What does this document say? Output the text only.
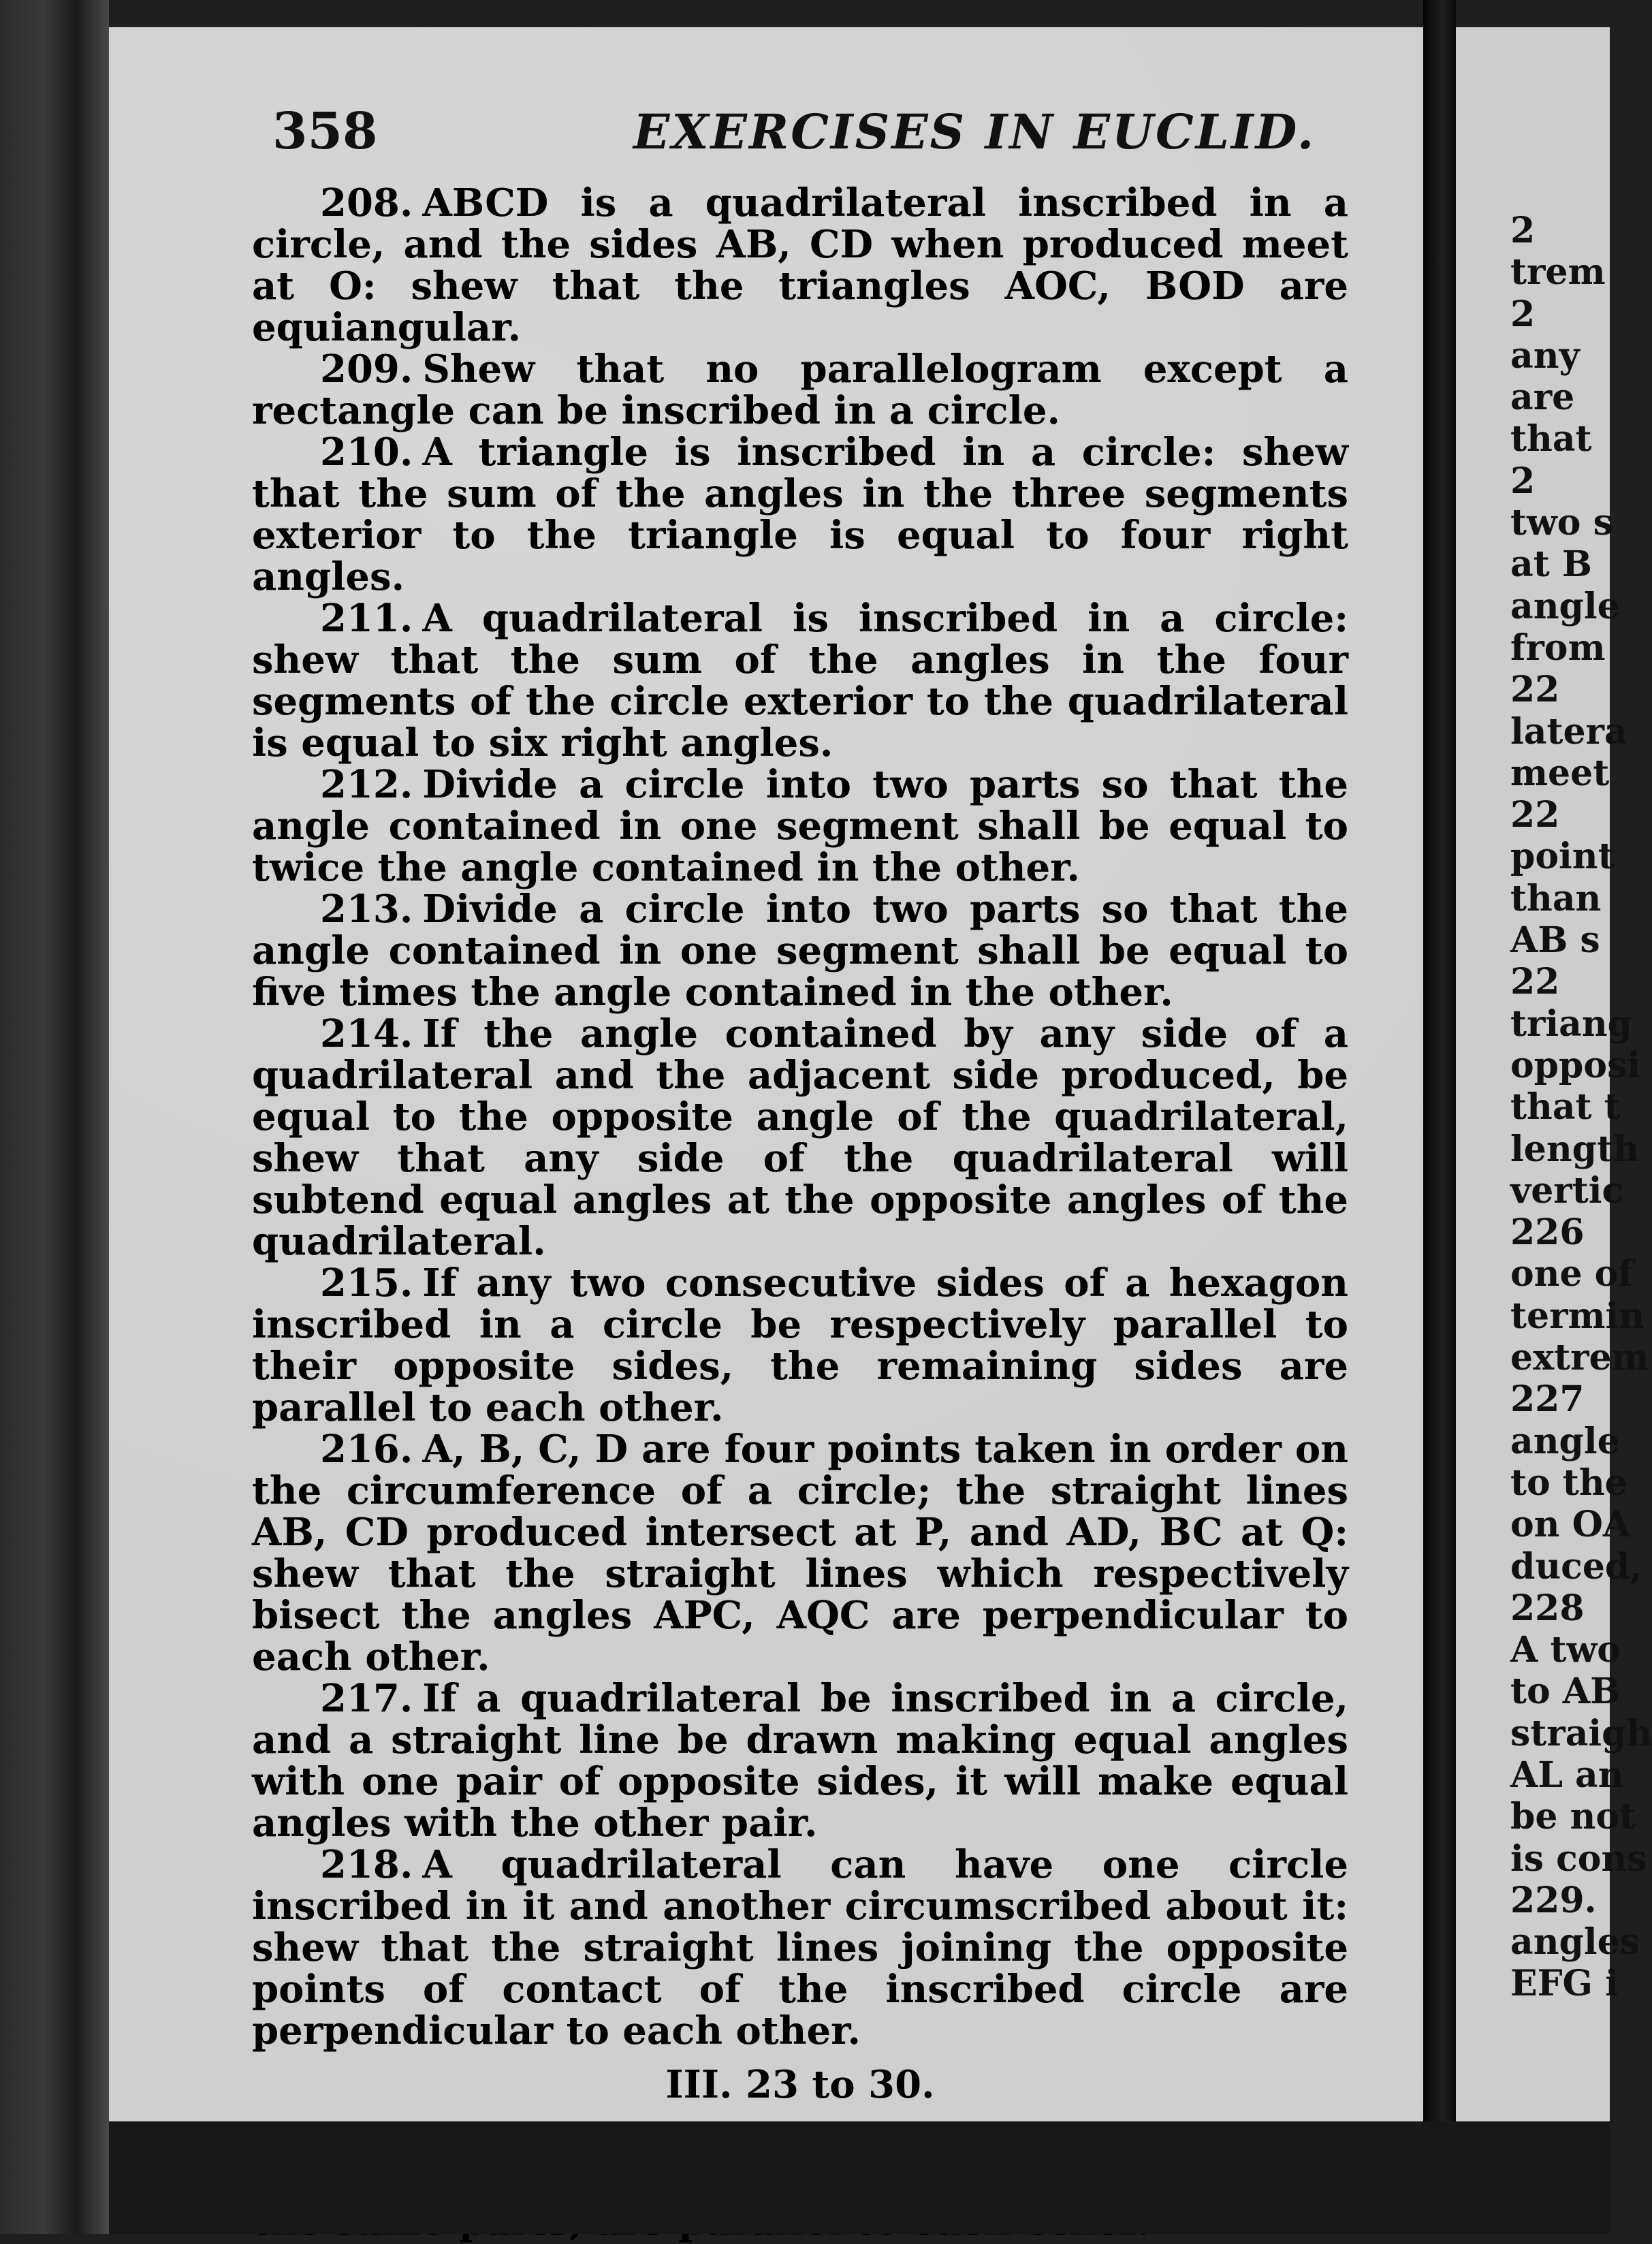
358	EXERCISES IN EUCLID.

208. ABCD is a quadrilateral inscribed in a circle, and the sides AB, CD when produced meet at O: shew that the triangles AOC, BOD are equiangular.

209. Shew that no parallelogram except a rectangle can be inscribed in a circle.

210. A triangle is inscribed in a circle: shew that the sum of the angles in the three segments exterior to the triangle is equal to four right angles.

211. A quadrilateral is inscribed in a circle: shew that the sum of the angles in the four segments of the circle exterior to the quadrilateral is equal to six right angles.

212. Divide a circle into two parts so that the angle contained in one segment shall be equal to twice the angle contained in the other.

213. Divide a circle into two parts so that the angle contained in one segment shall be equal to five times the angle contained in the other.

214. If the angle contained by any side of a quadrilateral and the adjacent side produced, be equal to the opposite angle of the quadrilateral, shew that any side of the quadrilateral will subtend equal angles at the opposite angles of the quadrilateral.

215. If any two consecutive sides of a hexagon inscribed in a circle be respectively parallel to their opposite sides, the remaining sides are parallel to each other.

216. A, B, C, D are four points taken in order on the circumference of a circle; the straight lines AB, CD produced intersect at P, and AD, BC at Q: shew that the straight lines which respectively bisect the angles APC, AQC are perpendicular to each other.

217. If a quadrilateral be inscribed in a circle, and a straight line be drawn making equal angles with one pair of opposite sides, it will make equal angles with the other pair.

218. A quadrilateral can have one circle inscribed in it and another circumscribed about it: shew that the straight lines joining the opposite points of contact of the inscribed circle are perpendicular to each other.

III. 23 to 30.

2
trem
2
any
are
that
2
two s
at B
angle
from
22
latera
meet
22
point
than
AB s
22
triang
opposi
that t
length
vertic
226
one of
termin
extrem
227
angle
to the
on OA
duced,
228
A two
to AB
straigh
AL an
be not
is cons
229.
angles
EFG i
